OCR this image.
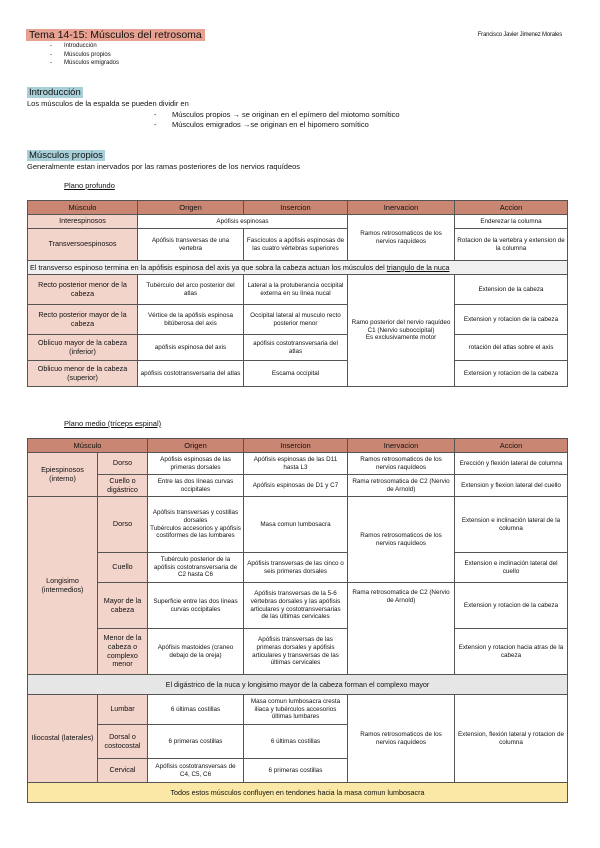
Tema 14-15: Músculos del retrosoma	Francisco Javier Jimenez Morales
-	Introducción
-	Músculos propios
-	Músculos emigrados
Introducción
Los músculos de la espalda se pueden dividir en
-	Músculos propios → se originan en el epímero del miotomo somítico
-	Músculos emigrados →se originan en el hipomero somítico
Músculos propios
Generalmente estan inervados por las ramas posteriores de los nervios raquídeos
Plano profundo
Músculo	Origen	Insercion	Inervacion	Accion
Interespinosos	Apófisis espinosas		Ramos retrosomaticos de los nervios raquídeos	Enderezar la columna
Transversoespinosos	Apófisis transversas de una vertebra	Fascículos a apófisis espinosas de las cuatro vértebras superiores		Rotacion de la vertebra y extension de la columna
El transverso espinoso termina en la apófisis espinosa del axis ya que sobra la cabeza actuan los músculos del triangulo de la nuca				
Recto posterior menor de la cabeza	Tubérculo del arco posterior del atlas	Lateral a la protuberancia occipital externa en su línea nucal	Ramo posterior del nervio raquídeo C1 (Nervio suboccipital)
Es exclusivamente motor	Extension de la cabeza
Recto posterior mayor de la cabeza	Vértice de la apófisis espinosa bitúberosa del axis	Occipital lateral al musculo recto posterior menor		Extension y rotacion de la cabeza
Oblicuo mayor de la cabeza (inferior)	apófisis espinosa del axis	apófisis costotransversaria del atlas		rotación del atlas sobre el axis
Oblicuo menor de la cabeza (superior)	apófisis costotransversaria del atlas	Escama occipital		Extension y rotacion de la cabeza
Plano medio (tríceps espinal)
Músculo		Origen	Insercion	Inervacion	Accion
Epiespinosos (interno)	Dorso	Apófisis espinosas de las primeras dorsales	Apófisis espinosas de las D11 hasta L3	Ramos retrosomaticos de los nervios raquídeos	Erección y flexión lateral de columna
	Cuello o digástrico	Entre las dos líneas curvas occipitales	Apófisis espinosas de D1 y C7	Rama retrosomatica de C2 (Nervio de Arnold)	Extension y flexion lateral del cuello
Longisimo (intermedios)	Dorso	Apófisis transversas y costillas dorsales
Tubérculos accesorios y apófisis costiformes de las lumbares	Masa comun lumbosacra	Ramos retrosomaticos de los nervios raquídeos	Extension e inclinación lateral de la columna
	Cuello	Tubérculo posterior de la apófisis costotransversaria de C2 hasta C6	Apófisis transversas de las cinco o seis primeras dorsales		Extension e inclinación lateral del cuello
	Mayor de la cabeza	Superficie entre las dos líneas curvas occipitales	Apófisis transversas de la 5-6 vértebras dorsales y las apófisis articulares y costotransversarias de las últimas cervicales	Rama retrosomatica de C2 (Nervio de Arnold)	Extension y rotacion de la cabeza
	Menor de la cabeza o complexo menor	Apófisis mastoides (craneo debajo de la oreja)	Apófisis transversas de las primeras dorsales y apófisis articulares y transversas de las últimas cervicales		Extension y rotacion hacia atras de la cabeza
El digástrico de la nuca y longisimo mayor de la cabeza forman el complexo mayor					
Iliocostal (laterales)	Lumbar	6 últimas costillas	Masa comun lumbosacra cresta iliaca y tubérculos accesorios últimas lumbares	Ramos retrosomaticos de los nervios raquídeos	Extension, flexión lateral y rotacion de columna
	Dorsal o costocostal	6 primeras costillas	6 últimas costillas		
	Cervical	Apófisis costotransversas de C4, C5, C6	6 primeras costillas		
Todos estos músculos confluyen en tendones hacia la masa comun lumbosacra					
